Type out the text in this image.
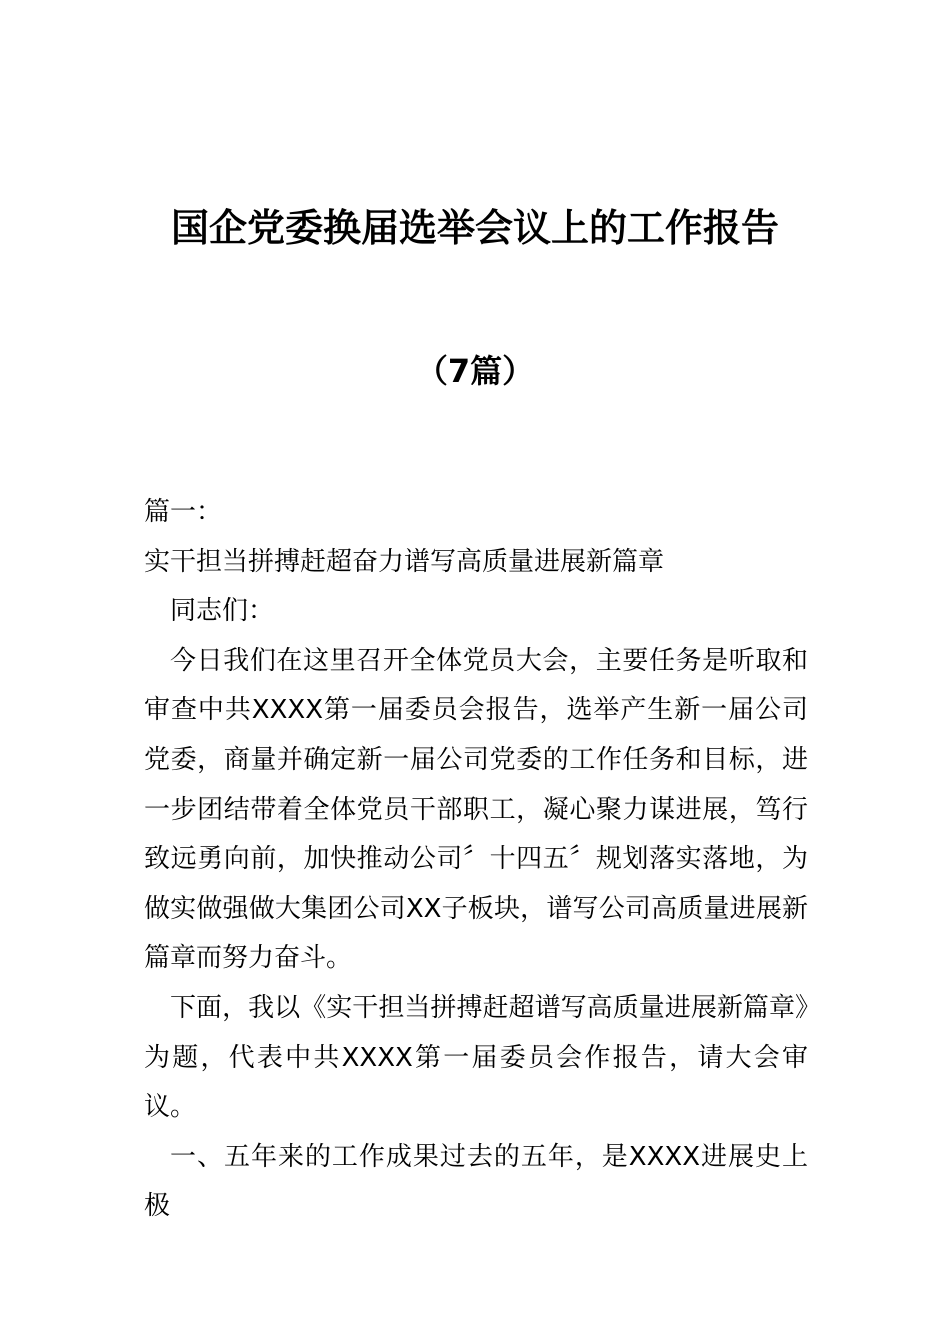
国企党委换届选举会议上的工作报告
（7篇）

篇一：

实干担当拼搏赶超奋力谱写高质量进展新篇章

同志们：

今日我们在这里召开全体党员大会，主要任务是听取和审查中共XXXX第一届委员会报告，选举产生新一届公司党委，商量并确定新一届公司党委的工作任务和目标，进一步团结带着全体党员干部职工，凝心聚力谋进展，笃行致远勇向前，加快推动公司〞十四五〞规划落实落地，为做实做强做大集团公司XX子板块，谱写公司高质量进展新篇章而努力奋斗。

下面，我以《实干担当拼搏赶超谱写高质量进展新篇章》为题，代表中共XXXX第一届委员会作报告，请大会审议。

一、五年来的工作成果过去的五年，是XXXX进展史上极
